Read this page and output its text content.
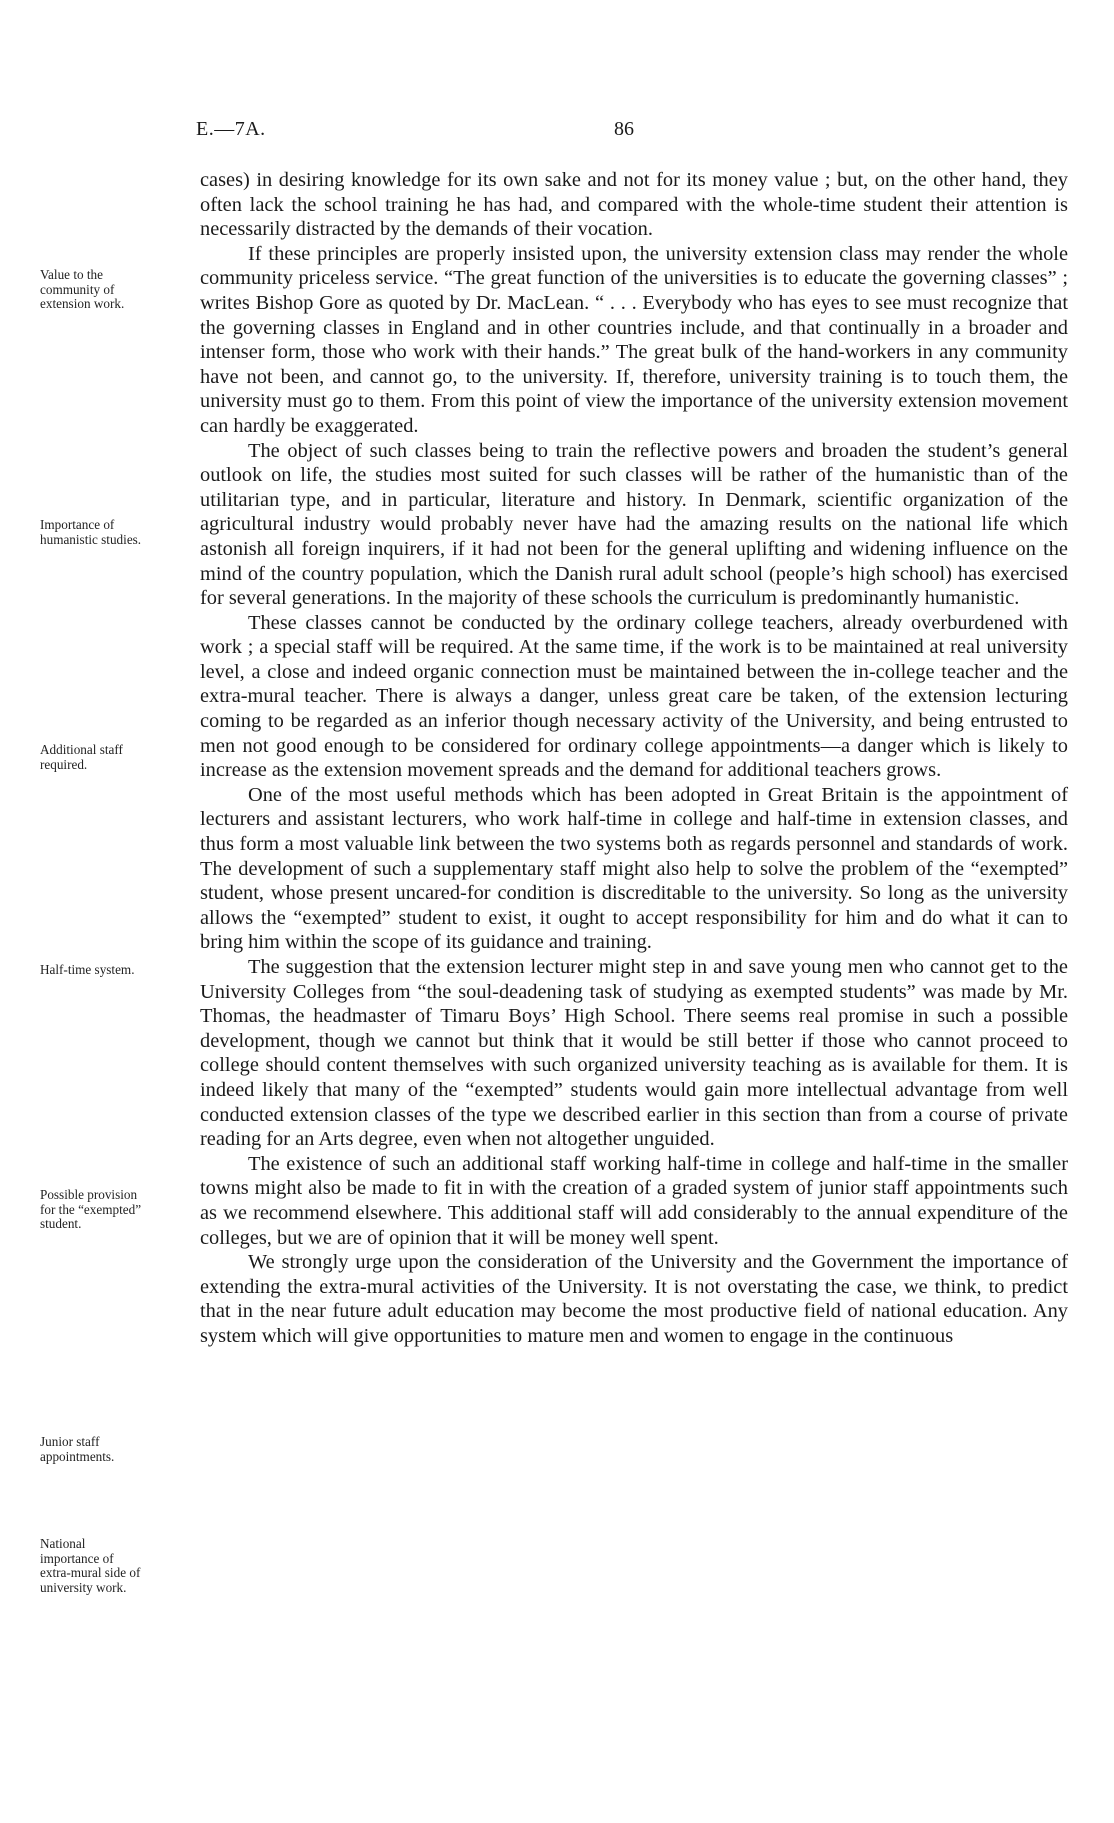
E.—7A.	86
Value to the
community of
extension work.
Importance of
humanistic studies.
Additional staff
required.
Half-time system.
Possible provision
for the “exempted”
student.
Junior staff
appointments.
National
importance of
extra-mural side of
university work.

cases) in desiring knowledge for its own sake and not for its money value ; but, on the other hand, they often lack the school training he has had, and compared with the whole-time student their attention is necessarily distracted by the demands of their vocation.

If these principles are properly insisted upon, the university extension class may render the whole community priceless service. “The great function of the universities is to educate the governing classes” ; writes Bishop Gore as quoted by Dr. MacLean. “ . . . Everybody who has eyes to see must recognize that the governing classes in England and in other countries include, and that continually in a broader and intenser form, those who work with their hands.” The great bulk of the hand-workers in any community have not been, and cannot go, to the university. If, therefore, university training is to touch them, the university must go to them. From this point of view the importance of the university extension movement can hardly be exaggerated.

The object of such classes being to train the reflective powers and broaden the student’s general outlook on life, the studies most suited for such classes will be rather of the humanistic than of the utilitarian type, and in particular, literature and history. In Denmark, scientific organization of the agricultural industry would probably never have had the amazing results on the national life which astonish all foreign inquirers, if it had not been for the general uplifting and widening influence on the mind of the country population, which the Danish rural adult school (people’s high school) has exercised for several generations. In the majority of these schools the curriculum is predominantly humanistic.

These classes cannot be conducted by the ordinary college teachers, already overburdened with work ; a special staff will be required. At the same time, if the work is to be maintained at real university level, a close and indeed organic connection must be maintained between the in-college teacher and the extra-mural teacher. There is always a danger, unless great care be taken, of the extension lecturing coming to be regarded as an inferior though necessary activity of the University, and being entrusted to men not good enough to be considered for ordinary college appointments—a danger which is likely to increase as the extension movement spreads and the demand for additional teachers grows.

One of the most useful methods which has been adopted in Great Britain is the appointment of lecturers and assistant lecturers, who work half-time in college and half-time in extension classes, and thus form a most valuable link between the two systems both as regards personnel and standards of work. The development of such a supplementary staff might also help to solve the problem of the “exempted” student, whose present uncared-for condition is discreditable to the university. So long as the university allows the “exempted” student to exist, it ought to accept responsibility for him and do what it can to bring him within the scope of its guidance and training.

The suggestion that the extension lecturer might step in and save young men who cannot get to the University Colleges from “the soul-deadening task of studying as exempted students” was made by Mr. Thomas, the headmaster of Timaru Boys’ High School. There seems real promise in such a possible development, though we cannot but think that it would be still better if those who cannot proceed to college should content themselves with such organized university teaching as is available for them. It is indeed likely that many of the “exempted” students would gain more intellectual advantage from well conducted extension classes of the type we described earlier in this section than from a course of private reading for an Arts degree, even when not altogether unguided.

The existence of such an additional staff working half-time in college and half-time in the smaller towns might also be made to fit in with the creation of a graded system of junior staff appointments such as we recommend elsewhere. This additional staff will add considerably to the annual expenditure of the colleges, but we are of opinion that it will be money well spent.

We strongly urge upon the consideration of the University and the Government the importance of extending the extra-mural activities of the University. It is not overstating the case, we think, to predict that in the near future adult education may become the most productive field of national education. Any system which will give opportunities to mature men and women to engage in the continuous
